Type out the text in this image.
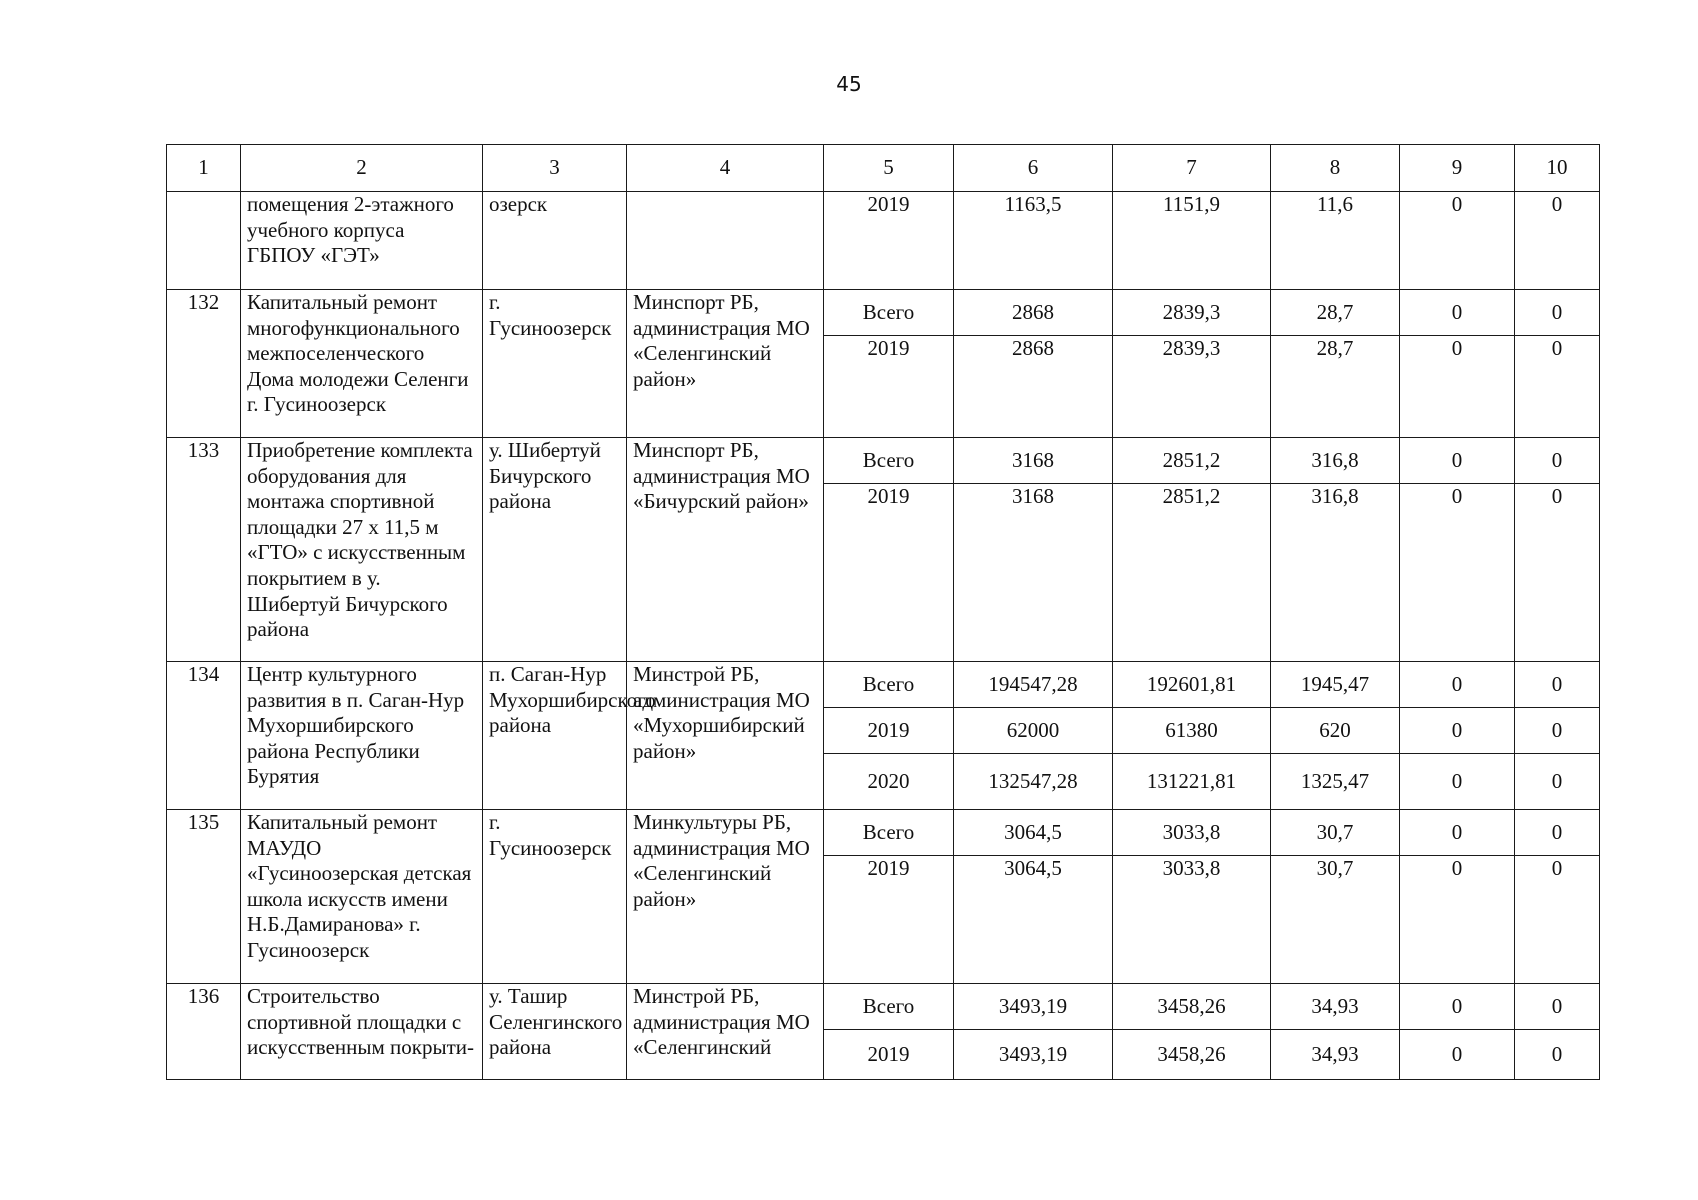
45
1	2	3	4	5	6	7	8	9	10
	помещения 2-этажного учебного корпуса ГБПОУ «ГЭТ»	озерск		2019	1163,5	1151,9	11,6	0	0
132	Капитальный ремонт многофункционального межпоселенческого Дома молодежи Селенги г. Гусиноозерск	г. Гусиноозерск	Минспорт РБ, администрация МО «Селенгинский район»	Всего	2868	2839,3	28,7	0	0
				2019	2868	2839,3	28,7	0	0
133	Приобретение комплекта оборудования для монтажа спортивной площадки 27 х 11,5 м «ГТО» с искусственным покрытием в у. Шибертуй Бичурского района	у. Шибертуй Бичурского района	Минспорт РБ, администрация МО «Бичурский район»	Всего	3168	2851,2	316,8	0	0
				2019	3168	2851,2	316,8	0	0
134	Центр культурного развития в п. Саган-Нур Мухоршибирского района Республики Бурятия	п. Саган-Нур Мухоршибирского района	Минстрой РБ, администрация МО «Мухоршибирский район»	Всего	194547,28	192601,81	1945,47	0	0
				2019	62000	61380	620	0	0
				2020	132547,28	131221,81	1325,47	0	0
135	Капитальный ремонт МАУДО «Гусиноозерская детская школа искусств имени Н.Б.Дамиранова» г. Гусиноозерск	г. Гусиноозерск	Минкультуры РБ, администрация МО «Селенгинский район»	Всего	3064,5	3033,8	30,7	0	0
				2019	3064,5	3033,8	30,7	0	0
136	Строительство спортивной площадки с искусственным покрыти-	у. Ташир Селенгинского района	Минстрой РБ, администрация МО «Селенгинский	Всего	3493,19	3458,26	34,93	0	0
				2019	3493,19	3458,26	34,93	0	0
